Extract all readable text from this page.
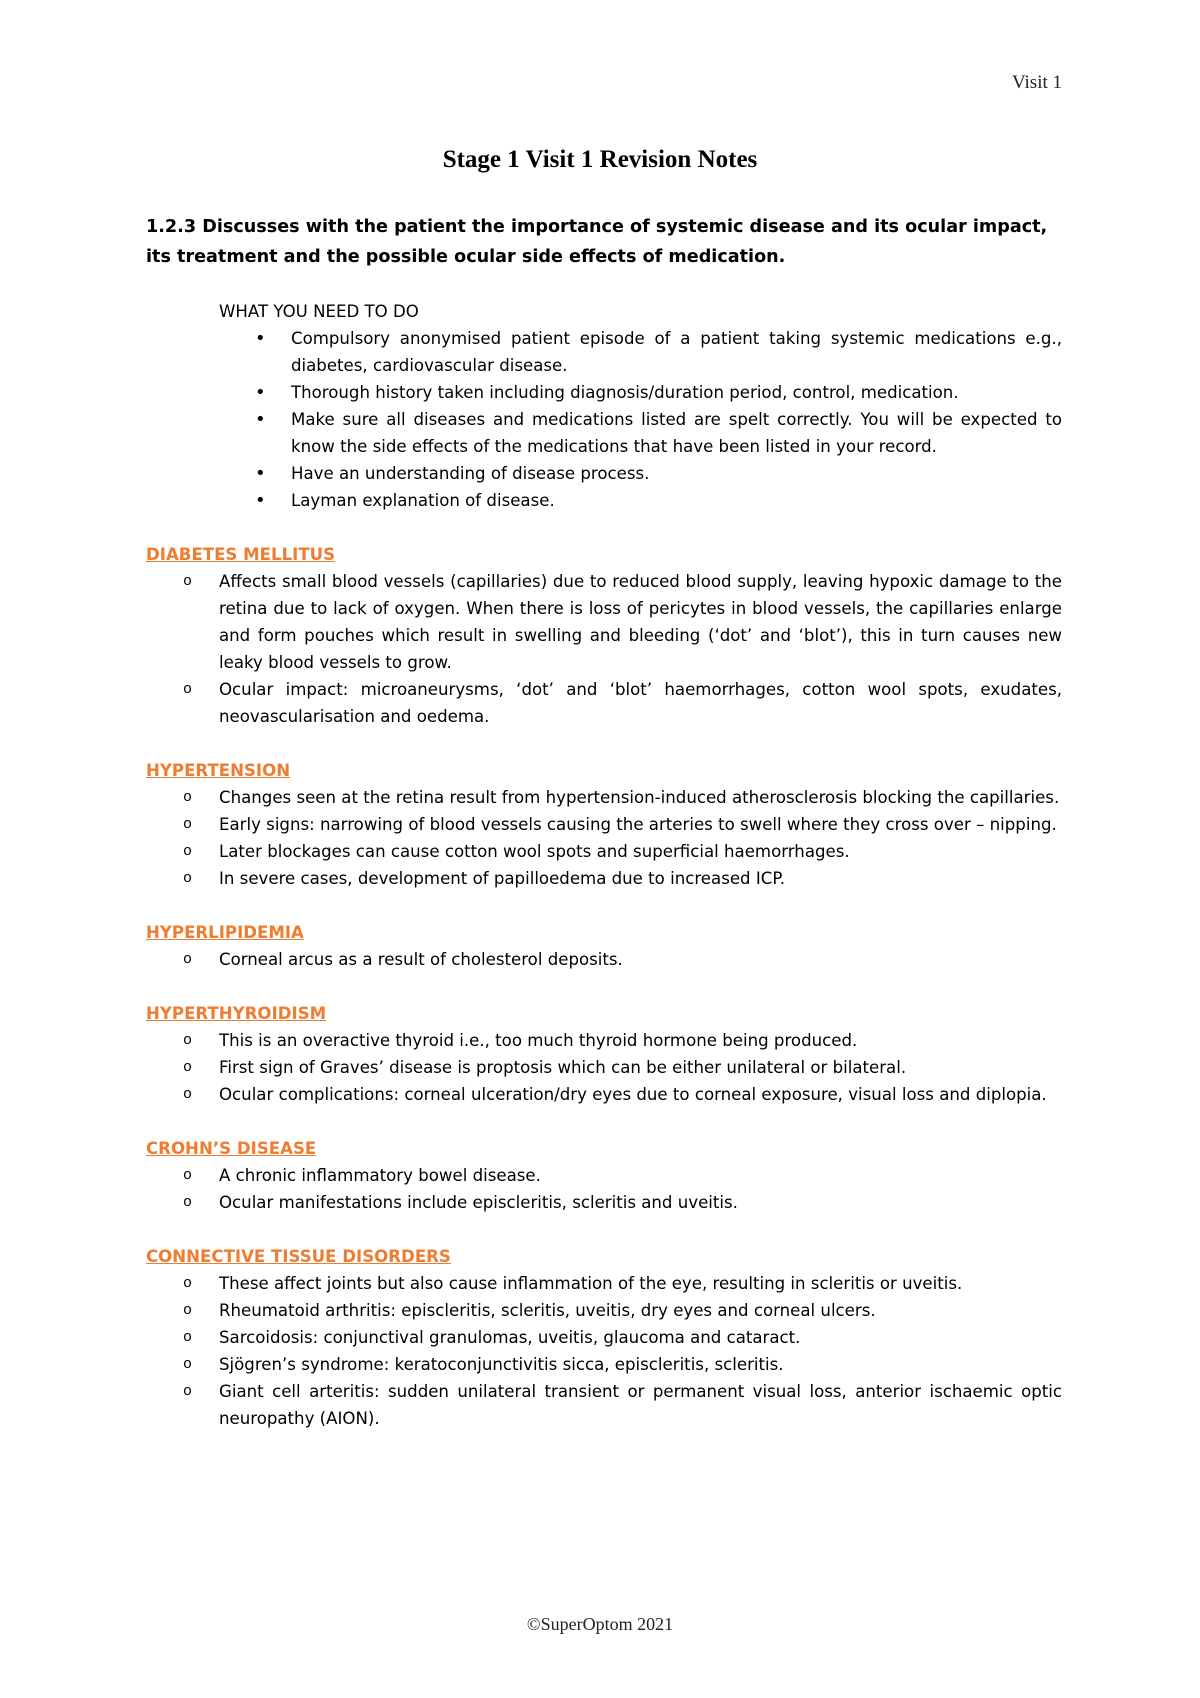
Visit 1
Stage 1 Visit 1 Revision Notes
1.2.3 Discusses with the patient the importance of systemic disease and its ocular impact, its treatment and the possible ocular side effects of medication.
WHAT YOU NEED TO DO
• Compulsory anonymised patient episode of a patient taking systemic medications e.g., diabetes, cardiovascular disease.
• Thorough history taken including diagnosis/duration period, control, medication.
• Make sure all diseases and medications listed are spelt correctly. You will be expected to know the side effects of the medications that have been listed in your record.
• Have an understanding of disease process.
• Layman explanation of disease.
DIABETES MELLITUS
o Affects small blood vessels (capillaries) due to reduced blood supply, leaving hypoxic damage to the retina due to lack of oxygen. When there is loss of pericytes in blood vessels, the capillaries enlarge and form pouches which result in swelling and bleeding (‘dot’ and ‘blot’), this in turn causes new leaky blood vessels to grow.
o Ocular impact: microaneurysms, ‘dot’ and ‘blot’ haemorrhages, cotton wool spots, exudates, neovascularisation and oedema.
HYPERTENSION
o Changes seen at the retina result from hypertension-induced atherosclerosis blocking the capillaries.
o Early signs: narrowing of blood vessels causing the arteries to swell where they cross over – nipping.
o Later blockages can cause cotton wool spots and superficial haemorrhages.
o In severe cases, development of papilloedema due to increased ICP.
HYPERLIPIDEMIA
o Corneal arcus as a result of cholesterol deposits.
HYPERTHYROIDISM
o This is an overactive thyroid i.e., too much thyroid hormone being produced.
o First sign of Graves’ disease is proptosis which can be either unilateral or bilateral.
o Ocular complications: corneal ulceration/dry eyes due to corneal exposure, visual loss and diplopia.
CROHN’S DISEASE
o A chronic inflammatory bowel disease.
o Ocular manifestations include episcleritis, scleritis and uveitis.
CONNECTIVE TISSUE DISORDERS
o These affect joints but also cause inflammation of the eye, resulting in scleritis or uveitis.
o Rheumatoid arthritis: episcleritis, scleritis, uveitis, dry eyes and corneal ulcers.
o Sarcoidosis: conjunctival granulomas, uveitis, glaucoma and cataract.
o Sjögren’s syndrome: keratoconjunctivitis sicca, episcleritis, scleritis.
o Giant cell arteritis: sudden unilateral transient or permanent visual loss, anterior ischaemic optic neuropathy (AION).
©SuperOptom 2021
